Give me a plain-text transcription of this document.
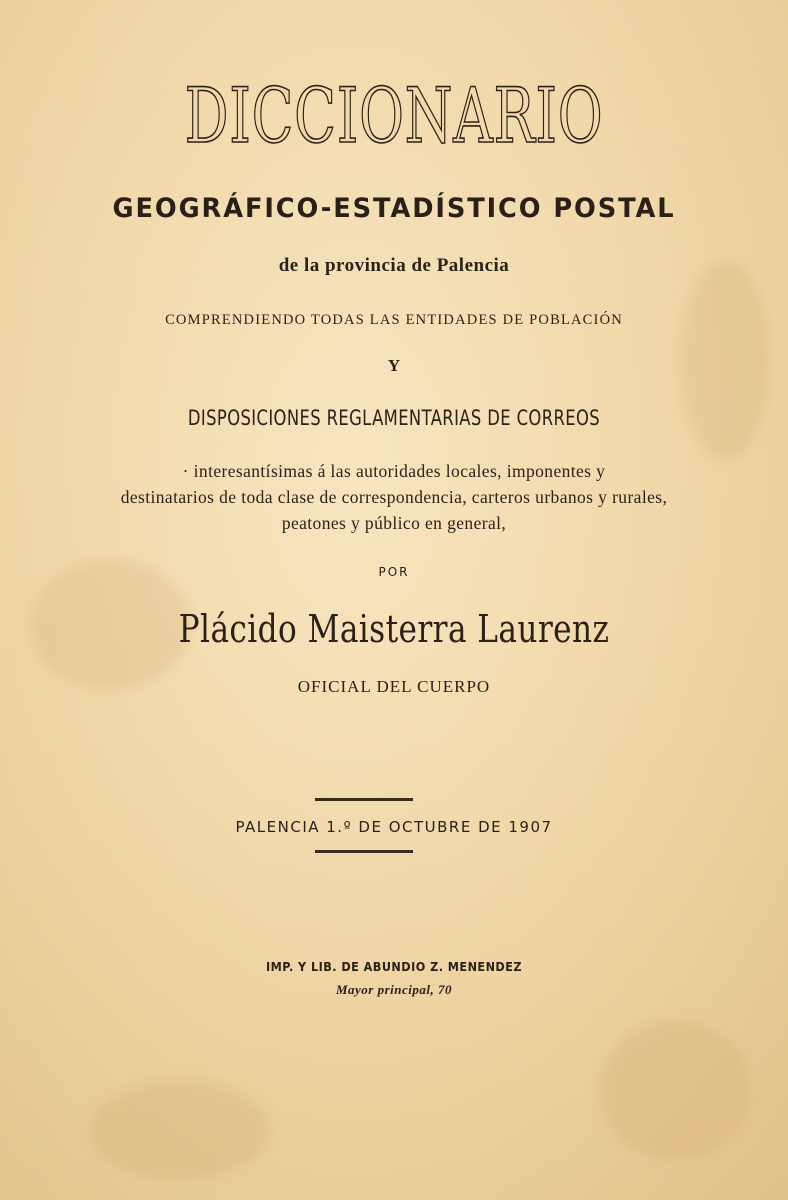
DICCIONARIO
GEOGRÁFICO-ESTADÍSTICO POSTAL
de la provincia de Palencia
COMPRENDIENDO TODAS LAS ENTIDADES DE POBLACIÓN
Y
DISPOSICIONES REGLAMENTARIAS DE CORREOS
· interesantísimas á las autoridades locales, imponentes y
destinatarios de toda clase de correspondencia, carteros urbanos y rurales,
peatones y público en general,
POR
Plácido Maisterra Laurenz
OFICIAL DEL CUERPO
PALENCIA 1.º DE OCTUBRE DE 1907
IMP. Y LIB. DE ABUNDIO Z. MENENDEZ
Mayor principal, 70
